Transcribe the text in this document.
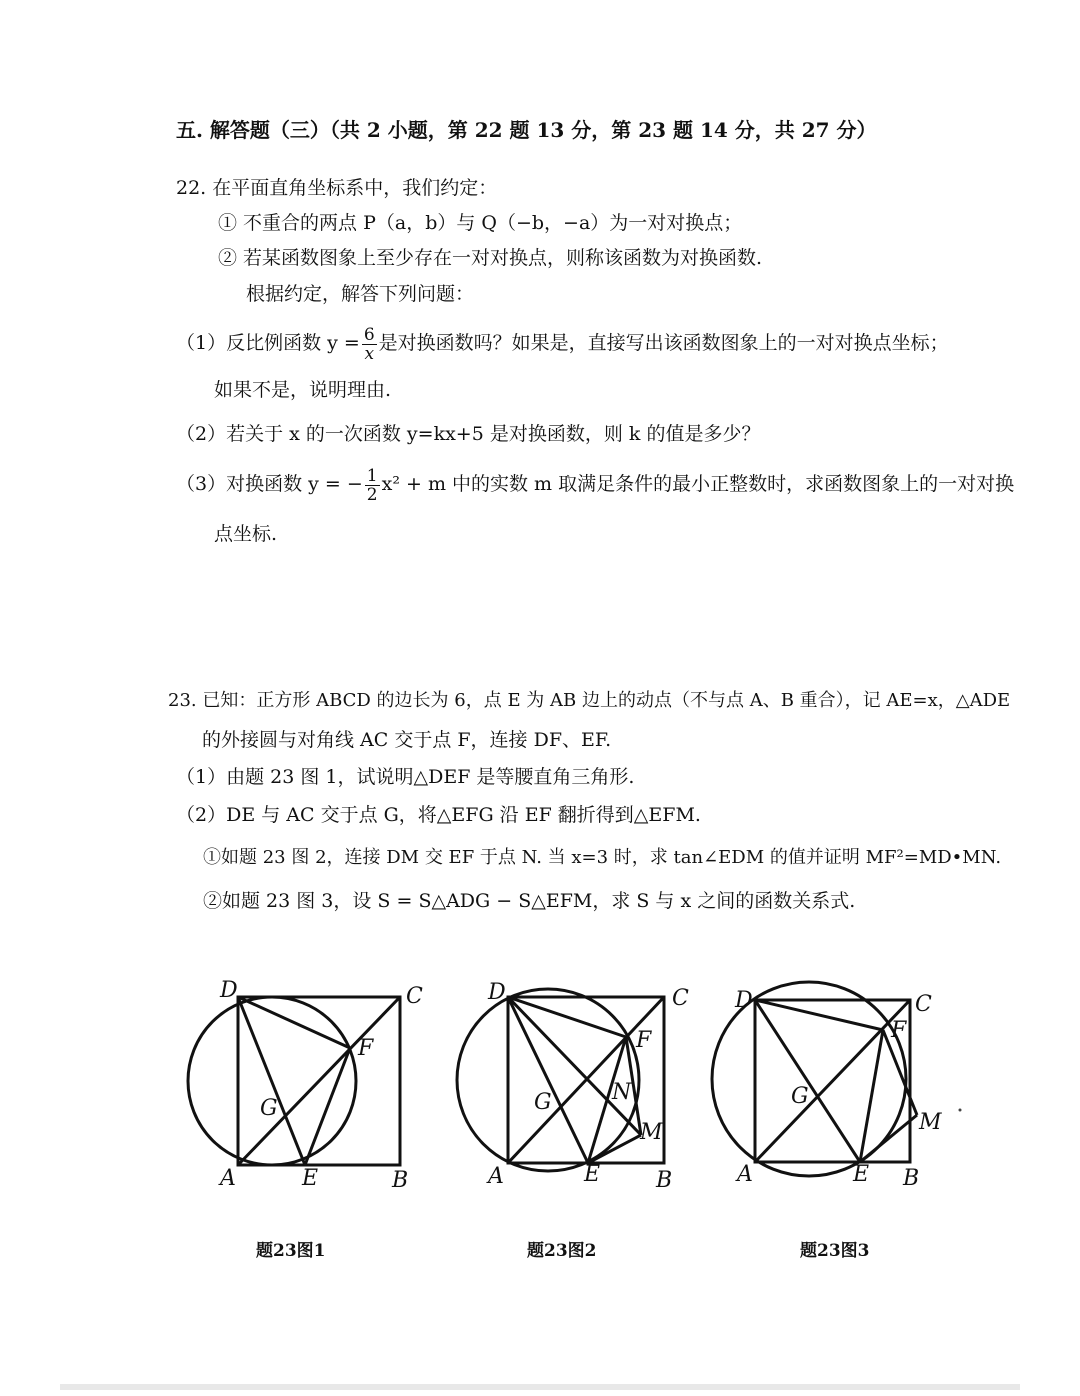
五. 解答题（三）（共 2 小题，第 22 题 13 分，第 23 题 14 分，共 27 分）
22. 在平面直角坐标系中，我们约定：
① 不重合的两点 P（a，b）与 Q（−b，−a）为一对对换点；
② 若某函数图象上至少存在一对对换点，则称该函数为对换函数.
根据约定，解答下列问题：
（1）反比例函数 $y = \frac{6}{x}$ 是对换函数吗？如果是，直接写出该函数图象上的一对对换点坐标；
如果不是，说明理由.
（2）若关于 x 的一次函数 y=kx+5 是对换函数，则 k 的值是多少？
（3）对换函数 y = − $\frac{1}{2} x^2 + m$ 中的实数 m 取满足条件的最小正整数时，求函数图象上的一对对换
点坐标.
23. 已知：正方形 ABCD 的边长为 6，点 E 为 AB 边上的动点（不与点 A、B 重合），记 AE=x，△ADE
的外接圆与对角线 AC 交于点 F，连接 DF、EF.
（1）由题 23 图 1，试说明△DEF 是等腰直角三角形.
（2）DE 与 AC 交于点 G，将△EFG 沿 EF 翻折得到△EFM.
①如题 23 图 2，连接 DM 交 EF 于点 N. 当 x=3 时，求 tan∠EDM 的值并证明 MF²=MD•MN.
②如题 23 图 3，设 S = S△ADG − S△EFM，求 S 与 x 之间的函数关系式.
D	C
F
G
A	E	B
题23图1
D	C
F
G	N
M
A	E	B
题23图2
D	C
F
G
M
A	E B
题23图3
